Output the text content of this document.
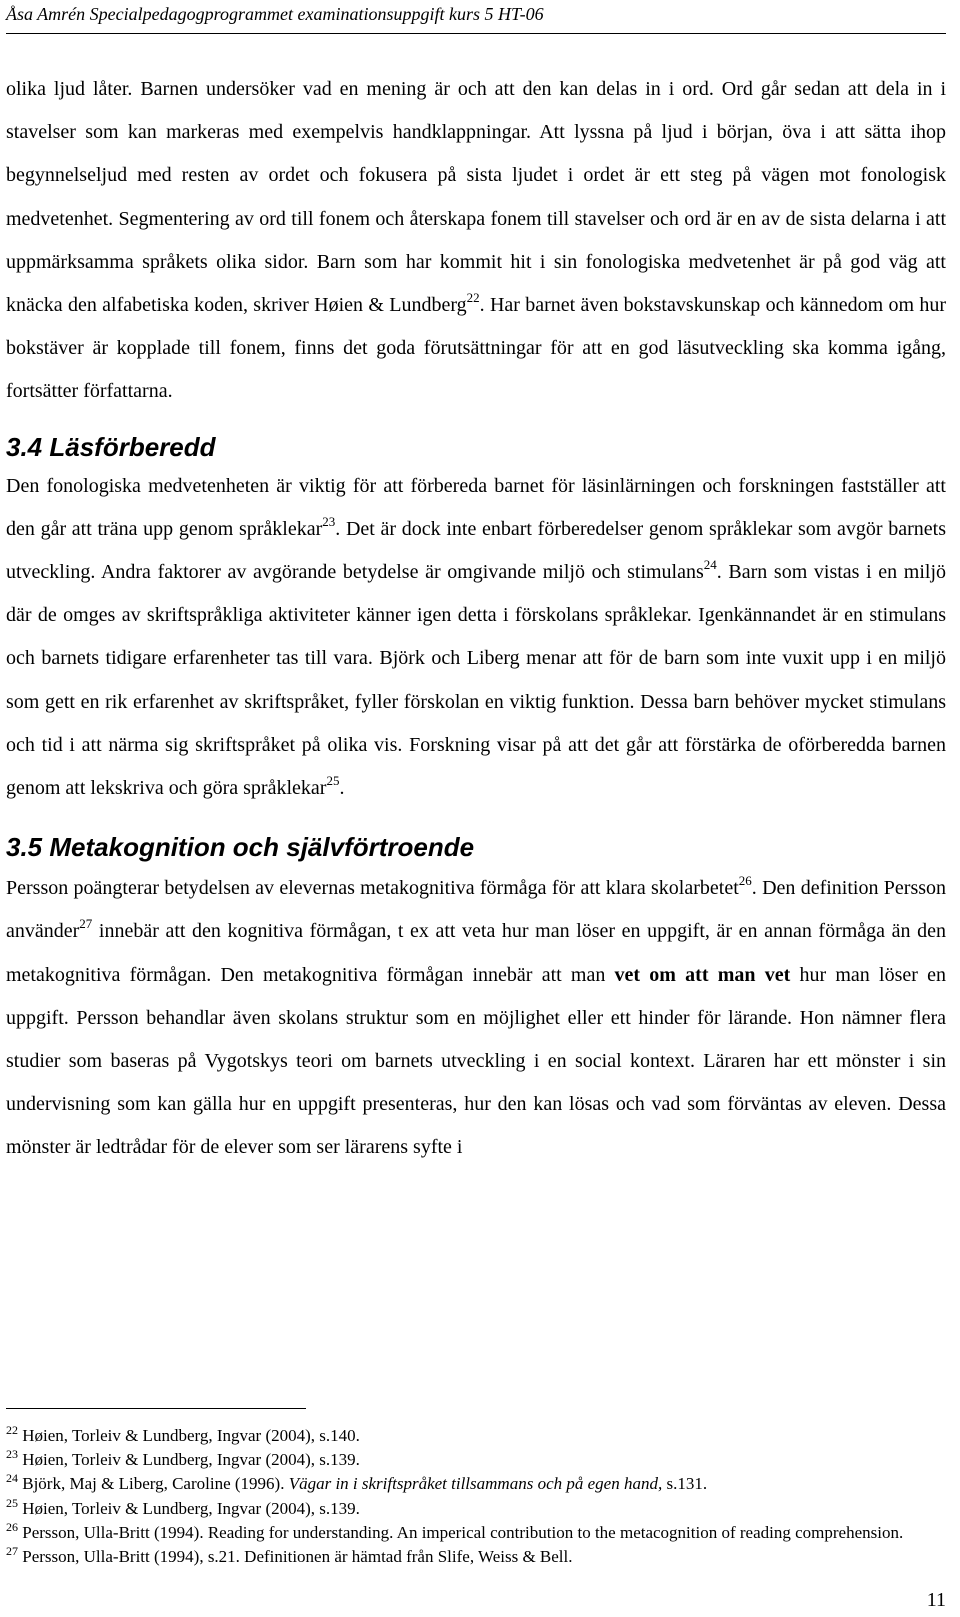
Åsa Amrén Specialpedagogprogrammet examinationsuppgift kurs 5 HT-06

olika ljud låter. Barnen undersöker vad en mening är och att den kan delas in i ord. Ord går sedan att dela in i stavelser som kan markeras med exempelvis handklappningar. Att lyssna på ljud i början, öva i att sätta ihop begynnelseljud med resten av ordet och fokusera på sista ljudet i ordet är ett steg på vägen mot fonologisk medvetenhet. Segmentering av ord till fonem och återskapa fonem till stavelser och ord är en av de sista delarna i att uppmärksamma språkets olika sidor. Barn som har kommit hit i sin fonologiska medvetenhet är på god väg att knäcka den alfabetiska koden, skriver Høien & Lundberg$^{22}$. Har barnet även bokstavskunskap och kännedom om hur bokstäver är kopplade till fonem, finns det goda förutsättningar för att en god läsutveckling ska komma igång, fortsätter författarna.

3.4 Läsförberedd

Den fonologiska medvetenheten är viktig för att förbereda barnet för läsinlärningen och forskningen fastställer att den går att träna upp genom språklekar$^{23}$. Det är dock inte enbart förberedelser genom språklekar som avgör barnets utveckling. Andra faktorer av avgörande betydelse är omgivande miljö och stimulans$^{24}$. Barn som vistas i en miljö där de omges av skriftspråkliga aktiviteter känner igen detta i förskolans språklekar. Igenkännandet är en stimulans och barnets tidigare erfarenheter tas till vara. Björk och Liberg menar att för de barn som inte vuxit upp i en miljö som gett en rik erfarenhet av skriftspråket, fyller förskolan en viktig funktion. Dessa barn behöver mycket stimulans och tid i att närma sig skriftspråket på olika vis. Forskning visar på att det går att förstärka de oförberedda barnen genom att lekskriva och göra språklekar$^{25}$.

3.5 Metakognition och självförtroende

Persson poängterar betydelsen av elevernas metakognitiva förmåga för att klara skolarbetet$^{26}$. Den definition Persson använder$^{27}$ innebär att den kognitiva förmågan, t ex att veta hur man löser en uppgift, är en annan förmåga än den metakognitiva förmågan. Den metakognitiva förmågan innebär att man vet om att man vet hur man löser en uppgift. Persson behandlar även skolans struktur som en möjlighet eller ett hinder för lärande. Hon nämner flera studier som baseras på Vygotskys teori om barnets utveckling i en social kontext. Läraren har ett mönster i sin undervisning som kan gälla hur en uppgift presenteras, hur den kan lösas och vad som förväntas av eleven. Dessa mönster är ledtrådar för de elever som ser lärarens syfte i

$^{22}$ Høien, Torleiv & Lundberg, Ingvar (2004), s.140.

$^{23}$ Høien, Torleiv & Lundberg, Ingvar (2004), s.139.

$^{24}$ Björk, Maj & Liberg, Caroline (1996). Vägar in i skriftspråket tillsammans och på egen hand, s.131.

$^{25}$ Høien, Torleiv & Lundberg, Ingvar (2004), s.139.

$^{26}$ Persson, Ulla-Britt (1994). Reading for understanding. An imperical contribution to the metacognition of reading comprehension.

$^{27}$ Persson, Ulla-Britt (1994), s.21. Definitionen är hämtad från Slife, Weiss & Bell.

11
